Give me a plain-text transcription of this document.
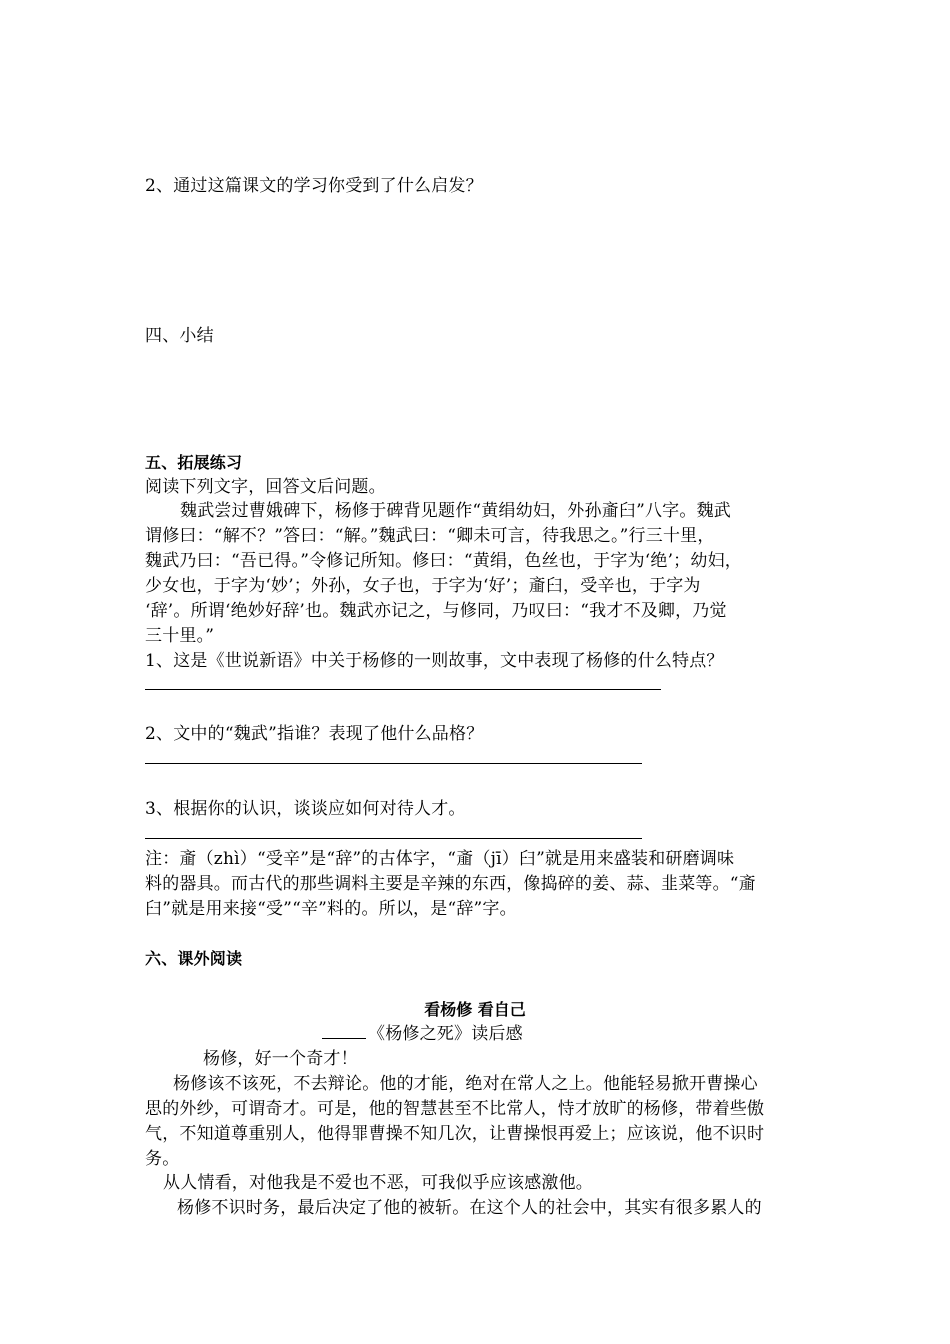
2、通过这篇课文的学习你受到了什么启发？
四、小结
五、拓展练习
阅读下列文字，回答文后问题。
魏武尝过曹娥碑下，杨修于碑背见题作“黄绢幼妇，外孙齑臼”八字。魏武
谓修曰：“解不？”答曰：“解。”魏武曰：“卿未可言，待我思之。”行三十里，
魏武乃曰：“吾已得。”令修记所知。修曰：“黄绢，色丝也，于字为‘绝’；幼妇，
少女也，于字为‘妙’；外孙，女子也，于字为‘好’；齑臼，受辛也，于字为
‘辞’。所谓‘绝妙好辞’也。魏武亦记之，与修同，乃叹曰：“我才不及卿，乃觉
三十里。”
1、这是《世说新语》中关于杨修的一则故事，文中表现了杨修的什么特点？
2、文中的“魏武”指谁？表现了他什么品格？
3、根据你的认识，谈谈应如何对待人才。
注：齑（zhì）“受辛”是“辞”的古体字，“齑（jī）臼”就是用来盛装和研磨调味
料的器具。而古代的那些调料主要是辛辣的东西，像捣碎的姜、蒜、韭菜等。“齑
臼”就是用来接“受”“辛”料的。所以，是“辞”字。
六、课外阅读
看杨修 看自己
《杨修之死》读后感
杨修，好一个奇才！
杨修该不该死，不去辩论。他的才能，绝对在常人之上。他能轻易掀开曹操心
思的外纱，可谓奇才。可是，他的智慧甚至不比常人，恃才放旷的杨修，带着些傲
气，不知道尊重别人，他得罪曹操不知几次，让曹操恨再爱上；应该说，他不识时
务。
从人情看，对他我是不爱也不恶，可我似乎应该感激他。
杨修不识时务，最后决定了他的被斩。在这个人的社会中，其实有很多累人的
